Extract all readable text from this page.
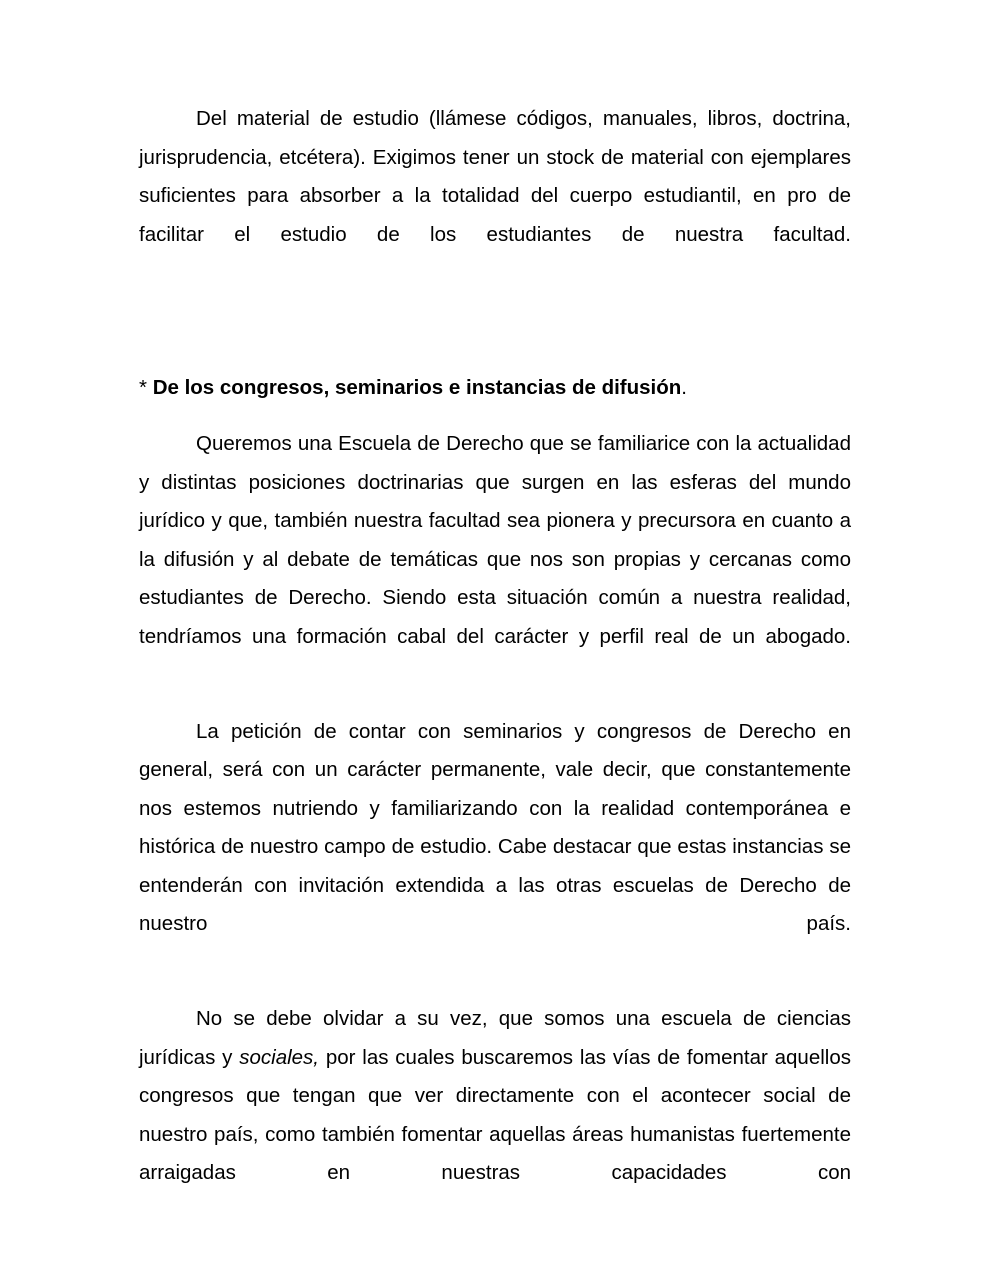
Del material de estudio (llámese códigos, manuales, libros, doctrina, jurisprudencia, etcétera). Exigimos tener un stock de material con ejemplares suficientes para absorber a la totalidad del cuerpo estudiantil, en pro de facilitar el estudio de los estudiantes de nuestra facultad.

* De los congresos, seminarios e instancias de difusión.

Queremos una Escuela de Derecho que se familiarice con la actualidad y distintas posiciones doctrinarias que surgen en las esferas del mundo jurídico y que, también nuestra facultad sea pionera y precursora en cuanto a la difusión y al debate de temáticas que nos son propias y cercanas como estudiantes de Derecho. Siendo esta situación común a nuestra realidad, tendríamos una formación cabal del carácter y perfil real de un abogado.

La petición de contar con seminarios y congresos de Derecho en general, será con un carácter permanente, vale decir, que constantemente nos estemos nutriendo y familiarizando con la realidad contemporánea e histórica de nuestro campo de estudio. Cabe destacar que estas instancias se entenderán con invitación extendida a las otras escuelas de Derecho de nuestro país.

No se debe olvidar a su vez, que somos una escuela de ciencias jurídicas y sociales, por las cuales buscaremos las vías de fomentar aquellos congresos que tengan que ver directamente con el acontecer social de nuestro país, como también fomentar aquellas áreas humanistas fuertemente arraigadas en nuestras capacidades con
